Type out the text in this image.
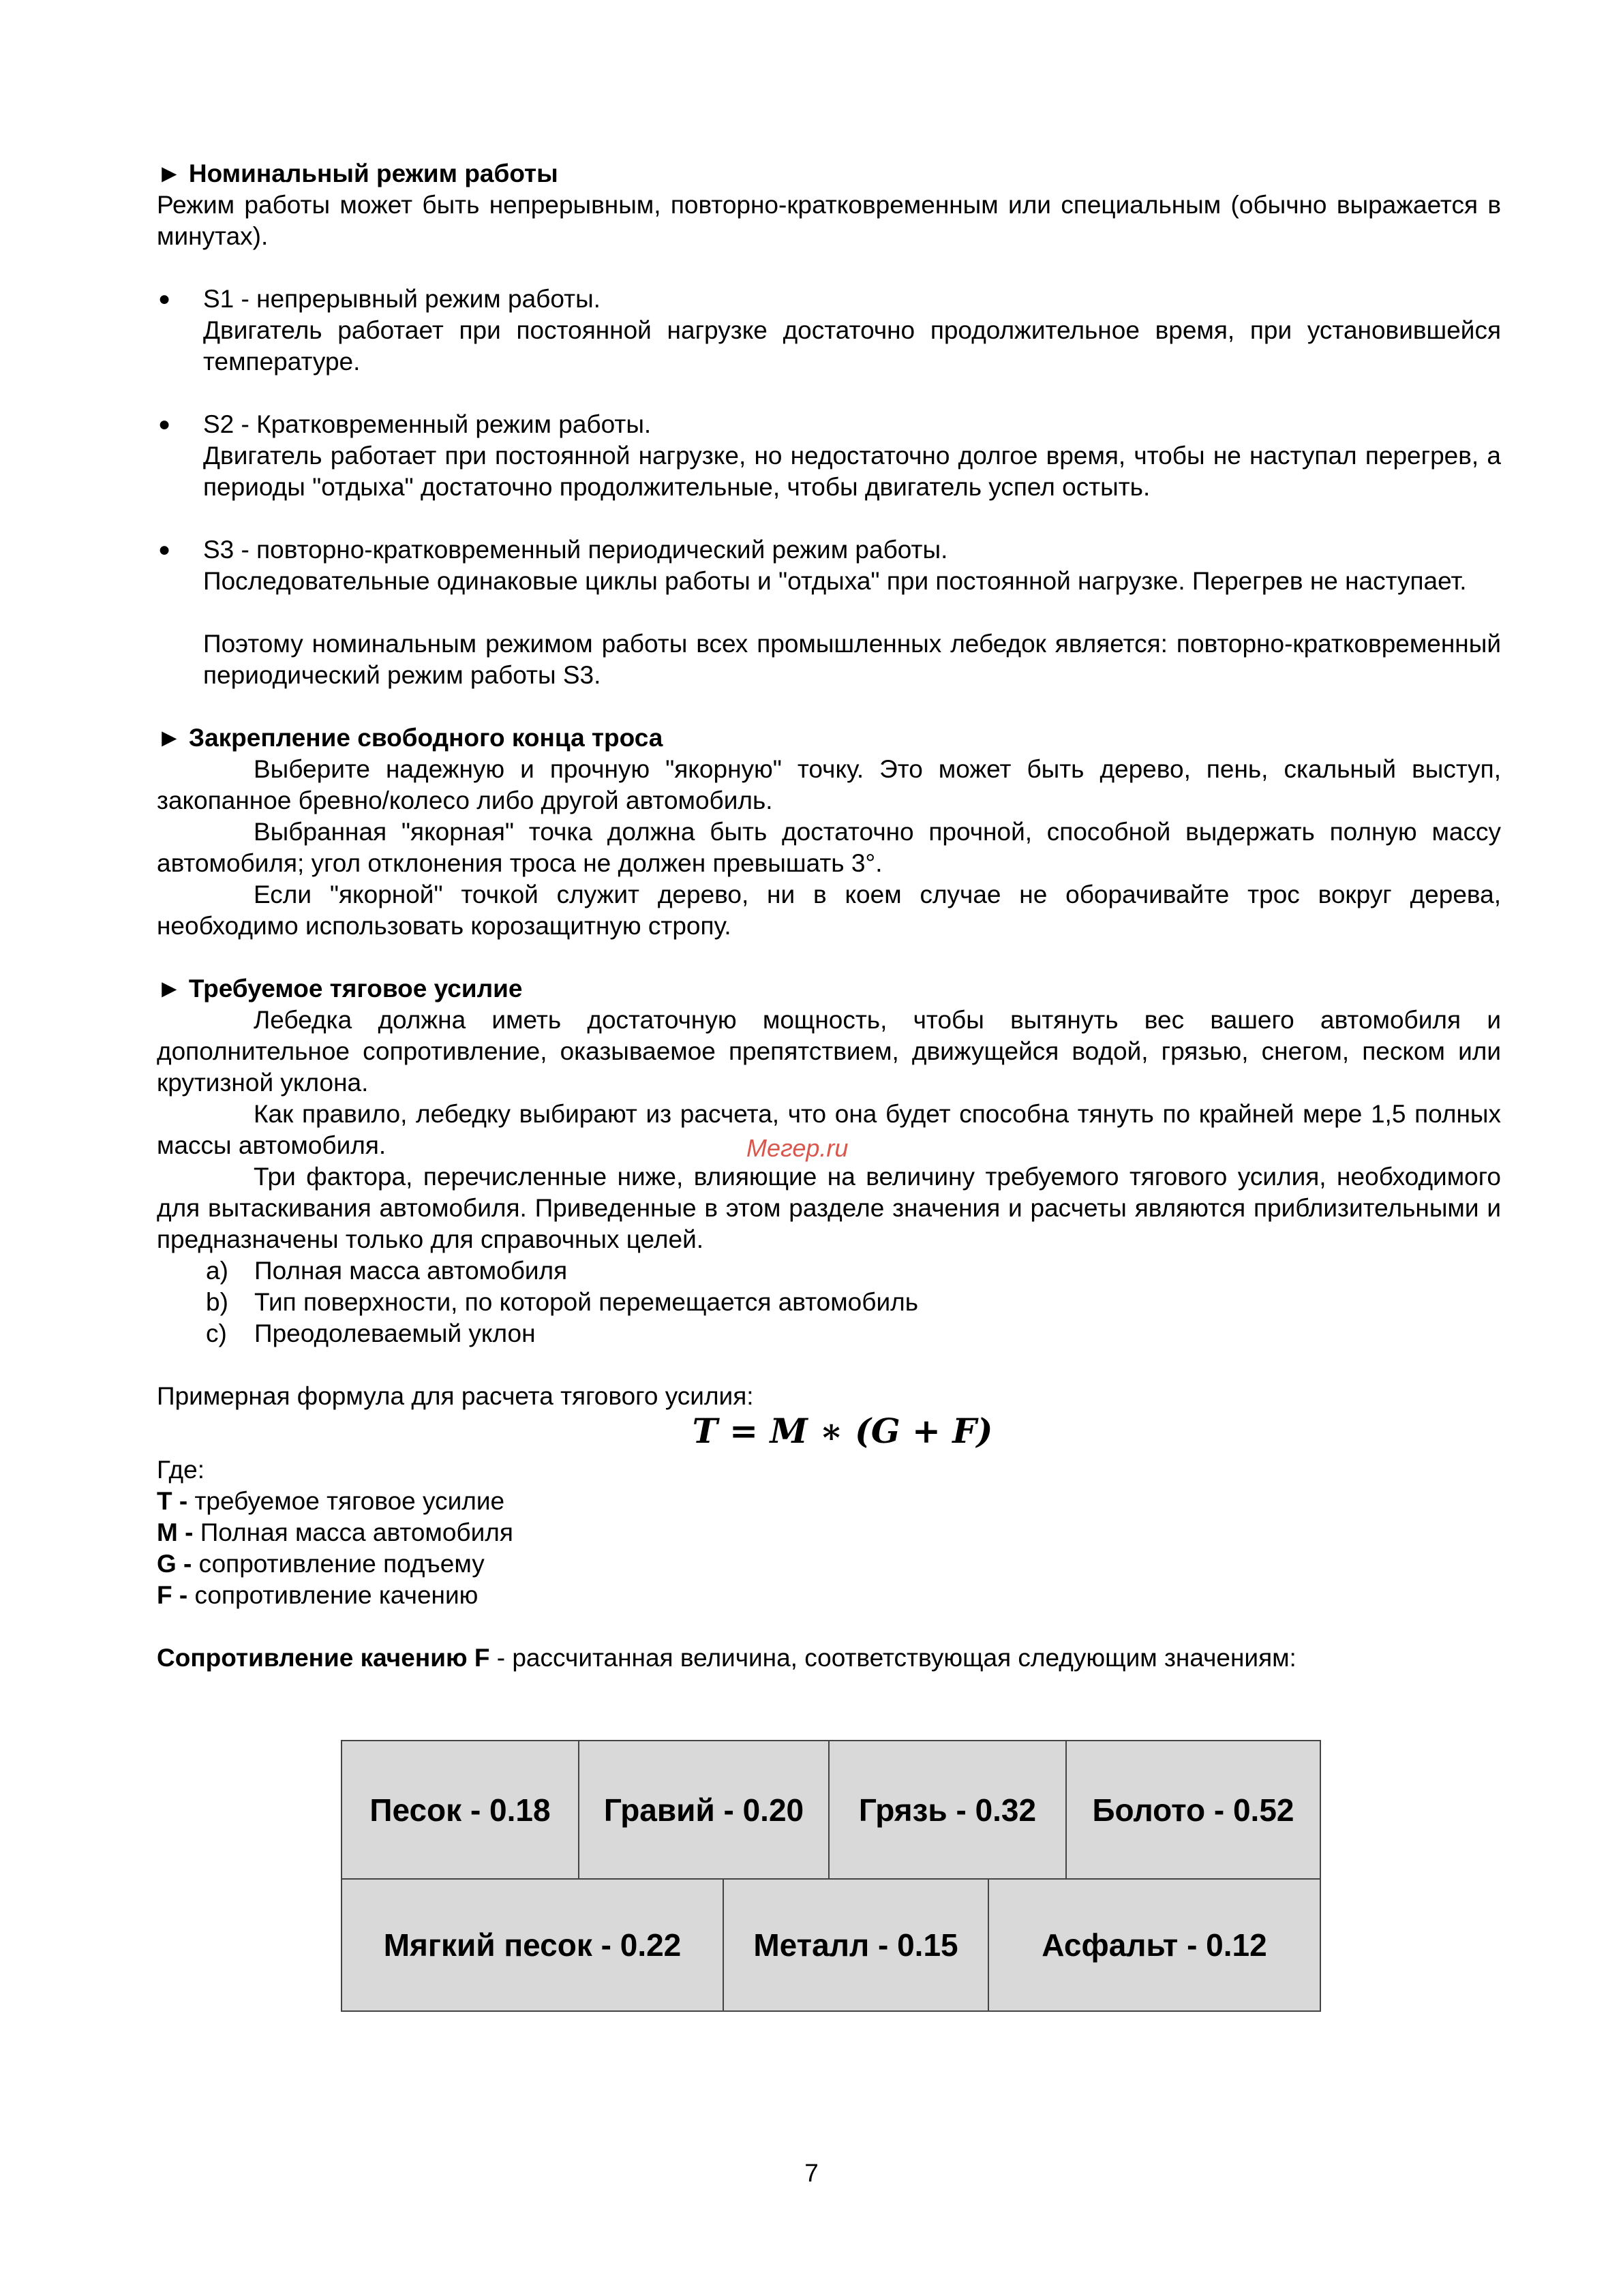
► Номинальный режим работы
Режим работы может быть непрерывным, повторно-кратковременным или специальным (обычно выражается в минутах).
● S1 - непрерывный режим работы.
Двигатель работает при постоянной нагрузке достаточно продолжительное время, при установившейся температуре.
● S2 - Кратковременный режим работы.
Двигатель работает при постоянной нагрузке, но недостаточно долгое время, чтобы не наступал перегрев, а периоды "отдыха" достаточно продолжительные, чтобы двигатель успел остыть.
● S3 - повторно-кратковременный периодический режим работы.
Последовательные одинаковые циклы работы и "отдыха" при постоянной нагрузке. Перегрев не наступает.
Поэтому номинальным режимом работы всех промышленных лебедок является: повторно-кратковременный периодический режим работы S3.
► Закрепление свободного конца троса
Выберите надежную и прочную "якорную" точку. Это может быть дерево, пень, скальный выступ, закопанное бревно/колесо либо другой автомобиль.
Выбранная "якорная" точка должна быть достаточно прочной, способной выдержать полную массу автомобиля; угол отклонения троса не должен превышать 3°.
Если "якорной" точкой служит дерево, ни в коем случае не оборачивайте трос вокруг дерева, необходимо использовать корозащитную стропу.
► Требуемое тяговое усилие
Лебедка должна иметь достаточную мощность, чтобы вытянуть вес вашего автомобиля и дополнительное сопротивление, оказываемое препятствием, движущейся водой, грязью, снегом, песком или крутизной уклона.
Как правило, лебедку выбирают из расчета, что она будет способна тянуть по крайней мере 1,5 полных массы автомобиля.
Три фактора, перечисленные ниже, влияющие на величину требуемого тягового усилия, необходимого для вытаскивания автомобиля. Приведенные в этом разделе значения и расчеты являются приблизительными и предназначены только для справочных целей.
a) Полная масса автомобиля
b) Тип поверхности, по которой перемещается автомобиль
c) Преодолеваемый уклон
Примерная формула для расчета тягового усилия:
T = M ∗ (G + F)
Где:
T - требуемое тяговое усилие
M - Полная масса автомобиля
G - сопротивление подъему
F - сопротивление качению
Сопротивление качению F - рассчитанная величина, соответствующая следующим значениям:
Мегер.ru
Песок - 0.18	Гравий - 0.20	Грязь - 0.32	Болото - 0.52
Мягкий песок - 0.22	Металл - 0.15	Асфальт - 0.12
7
